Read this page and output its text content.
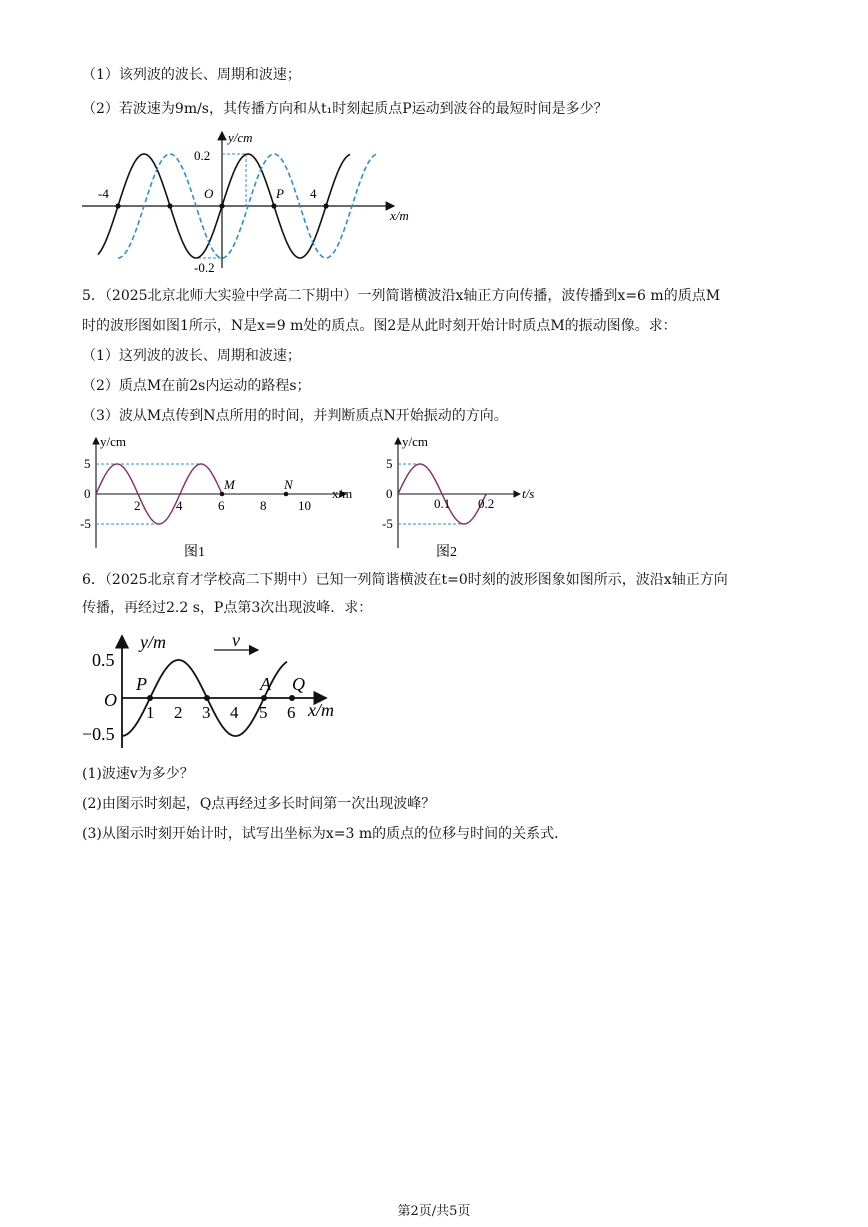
（1）该列波的波长、周期和波速；
（2）若波速为9m/s，其传播方向和从t₁时刻起质点P运动到波谷的最短时间是多少？
y/cm
x/m
0.2
-0.2
O
-4	4
P
5．（2025北京北师大实验中学高二下期中）一列简谐横波沿x轴正方向传播，波传播到x=6 m的质点M
时的波形图如图1所示，N是x=9 m处的质点。图2是从此时刻开始计时质点M的振动图像。求：
（1）这列波的波长、周期和波速；
（2）质点M在前2s内运动的路程s；
（3）波从M点传到N点所用的时间，并判断质点N开始振动的方向。
y/cm
x/m
5
0
-5
2	4	6	8 10
M	N
图1
y/cm
t/s
5
0
-5
0.1 0.2
图2
6．（2025北京育才学校高二下期中）已知一列简谐横波在t=0时刻的波形图象如图所示，波沿x轴正方向
传播，再经过2.2 s，P点第3次出现波峰．求：
y/m
x/m
v
0.5
−0.5
O
1 2 3 4 5 6
P	A Q
(1)波速v为多少？
(2)由图示时刻起，Q点再经过多长时间第一次出现波峰？
(3)从图示时刻开始计时，试写出坐标为x=3 m的质点的位移与时间的关系式．
第2页/共5页
